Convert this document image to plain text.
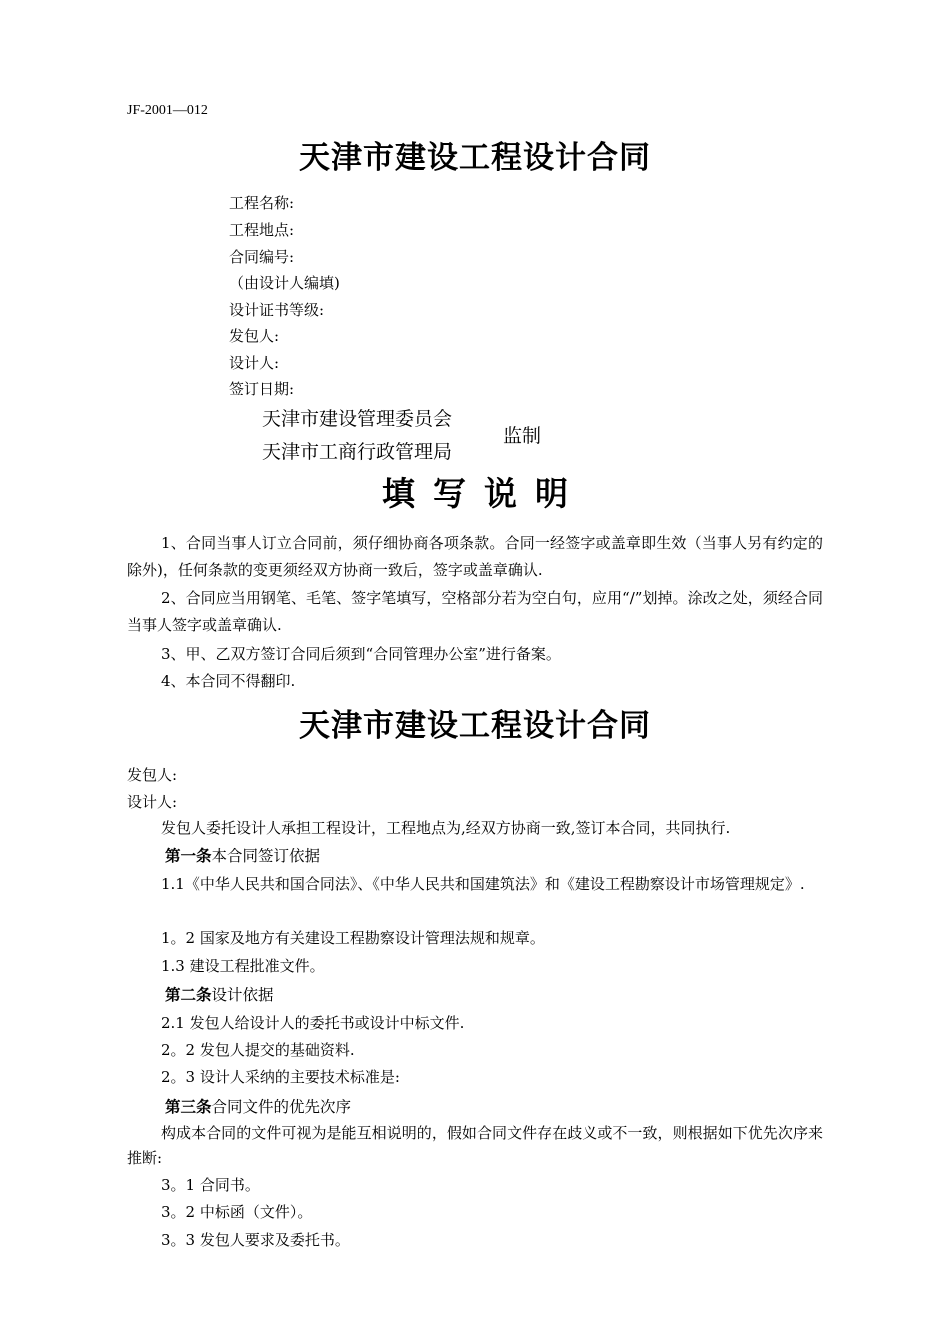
JF-2001—012
天津市建设工程设计合同
工程名称:
工程地点:
合同编号:
（由设计人编填)
设计证书等级:
发包人:
设计人:
签订日期:
天津市建设管理委员会
天津市工商行政管理局
监制
填写说明
1、合同当事人订立合同前，须仔细协商各项条款。合同一经签字或盖章即生效（当事人另有约定的除外)，任何条款的变更须经双方协商一致后，签字或盖章确认.
2、合同应当用钢笔、毛笔、签字笔填写，空格部分若为空白句，应用“/”划掉。涂改之处，须经合同当事人签字或盖章确认.
3、甲、乙双方签订合同后须到“合同管理办公室”进行备案。
4、本合同不得翻印.
天津市建设工程设计合同
发包人:
设计人:
发包人委托设计人承担工程设计，工程地点为,经双方协商一致,签订本合同，共同执行.
第一条本合同签订依据
1.1《中华人民共和国合同法》、《中华人民共和国建筑法》和《建设工程勘察设计市场管理规定》.
1。2 国家及地方有关建设工程勘察设计管理法规和规章。
1.3 建设工程批准文件。
第二条设计依据
2.1 发包人给设计人的委托书或设计中标文件.
2。2 发包人提交的基础资料.
2。3 设计人采纳的主要技术标准是:
第三条合同文件的优先次序
构成本合同的文件可视为是能互相说明的，假如合同文件存在歧义或不一致，则根据如下优先次序来推断:
3。1 合同书。
3。2 中标函（文件）。
3。3 发包人要求及委托书。
